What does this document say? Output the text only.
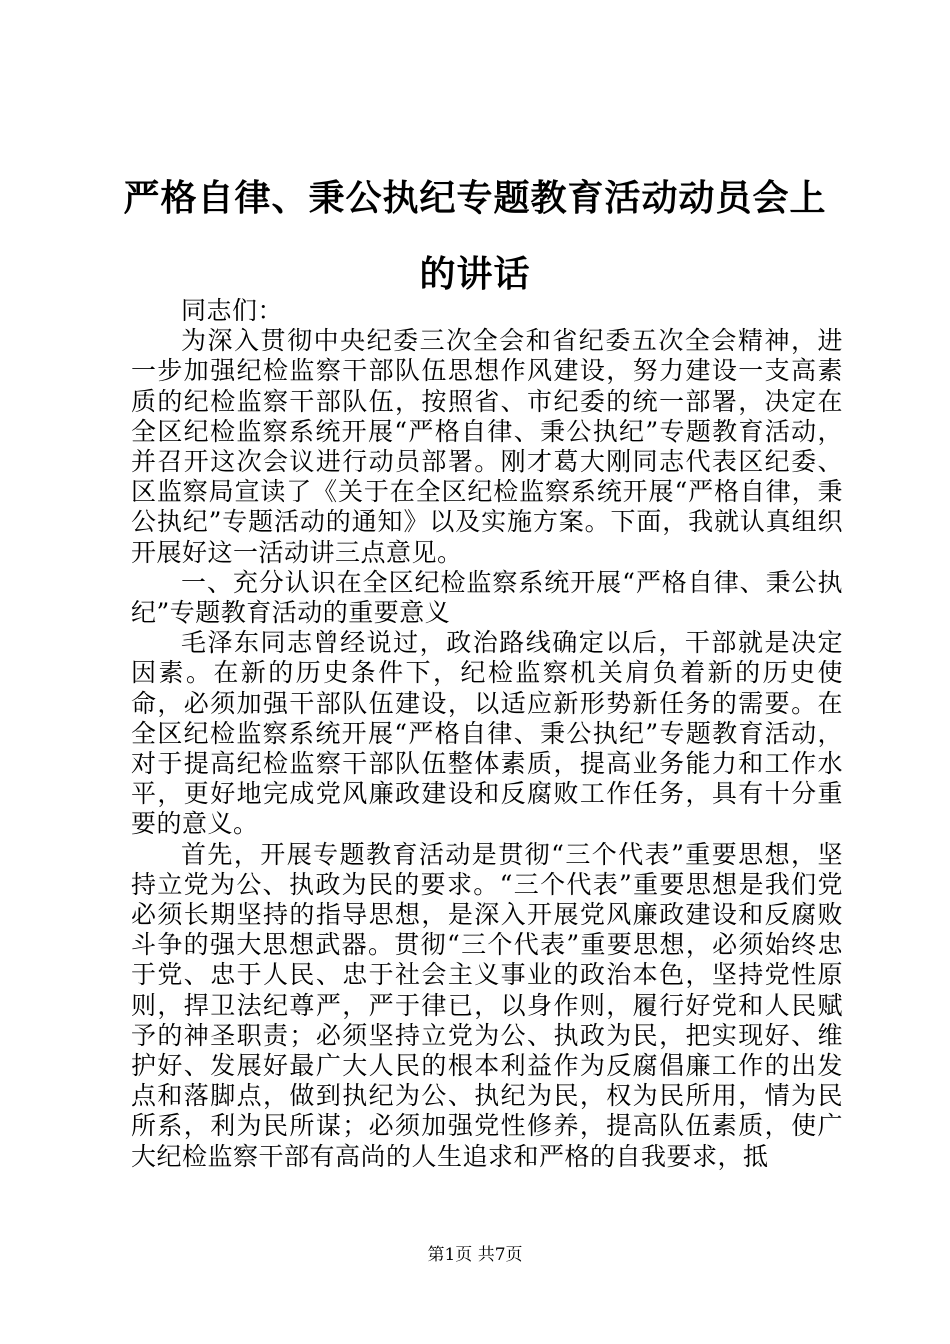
严格自律、秉公执纪专题教育活动动员会上的讲话

同志们：

为深入贯彻中央纪委三次全会和省纪委五次全会精神，进一步加强纪检监察干部队伍思想作风建设，努力建设一支高素质的纪检监察干部队伍，按照省、市纪委的统一部署，决定在全区纪检监察系统开展“严格自律、秉公执纪”专题教育活动，并召开这次会议进行动员部署。刚才葛大刚同志代表区纪委、区监察局宣读了《关于在全区纪检监察系统开展“严格自律，秉公执纪”专题活动的通知》以及实施方案。下面，我就认真组织开展好这一活动讲三点意见。

一、充分认识在全区纪检监察系统开展“严格自律、秉公执纪”专题教育活动的重要意义

毛泽东同志曾经说过，政治路线确定以后，干部就是决定因素。在新的历史条件下，纪检监察机关肩负着新的历史使命，必须加强干部队伍建设，以适应新形势新任务的需要。在全区纪检监察系统开展“严格自律、秉公执纪”专题教育活动，对于提高纪检监察干部队伍整体素质，提高业务能力和工作水平，更好地完成党风廉政建设和反腐败工作任务，具有十分重要的意义。

首先，开展专题教育活动是贯彻“三个代表”重要思想，坚持立党为公、执政为民的要求。“三个代表”重要思想是我们党必须长期坚持的指导思想，是深入开展党风廉政建设和反腐败斗争的强大思想武器。贯彻“三个代表”重要思想，必须始终忠于党、忠于人民、忠于社会主义事业的政治本色，坚持党性原则，捍卫法纪尊严，严于律已，以身作则，履行好党和人民赋予的神圣职责；必须坚持立党为公、执政为民，把实现好、维护好、发展好最广大人民的根本利益作为反腐倡廉工作的出发点和落脚点，做到执纪为公、执纪为民，权为民所用，情为民所系，利为民所谋；必须加强党性修养，提高队伍素质，使广大纪检监察干部有高尚的人生追求和严格的自我要求，抵

第1页 共7页
